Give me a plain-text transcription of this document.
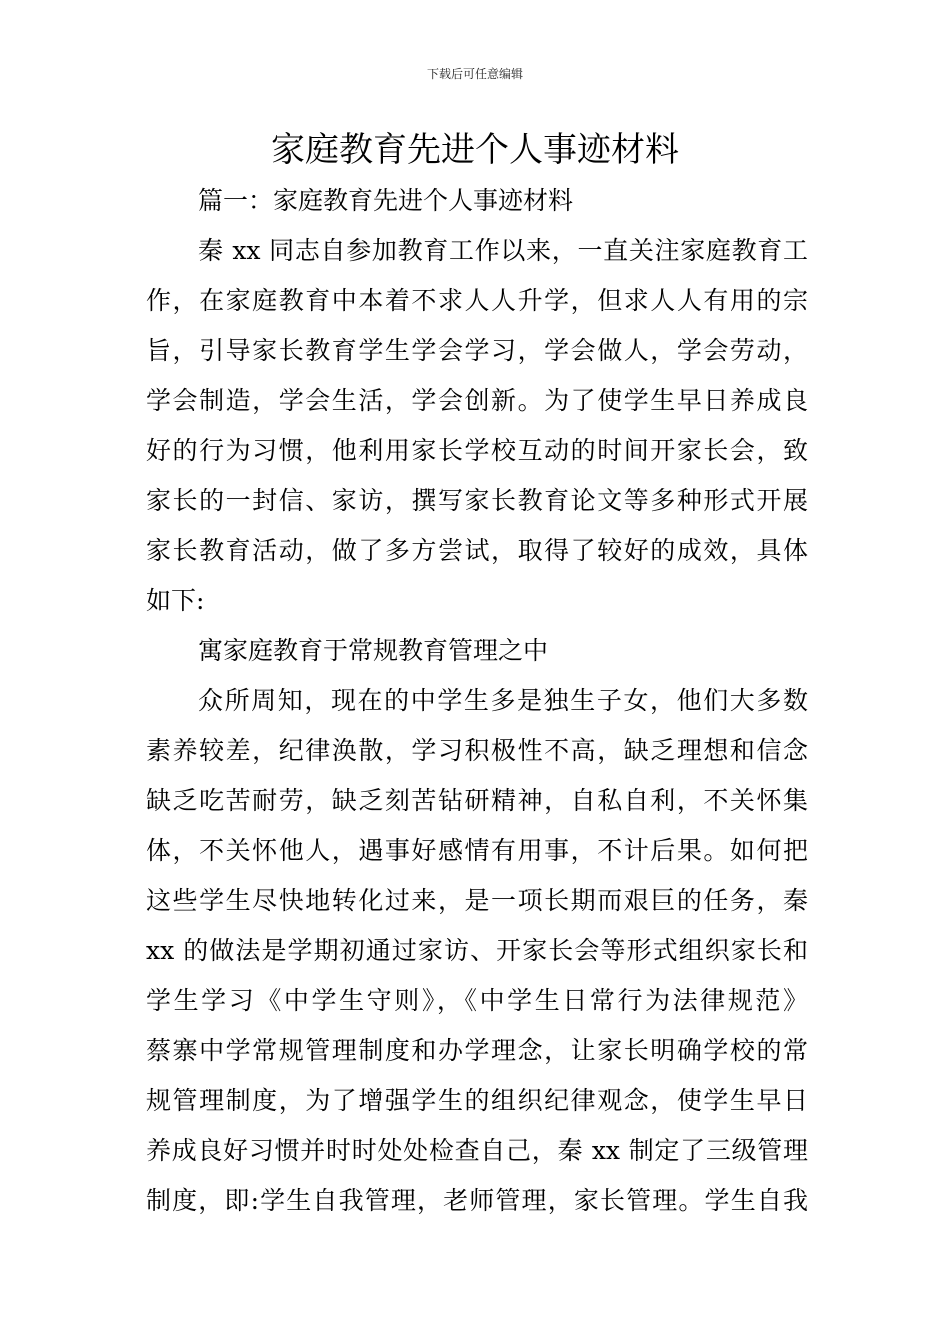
下载后可任意编辑
家庭教育先进个人事迹材料
篇一：家庭教育先进个人事迹材料
秦 xx 同志自参加教育工作以来，一直关注家庭教育工
作，在家庭教育中本着不求人人升学，但求人人有用的宗
旨，引导家长教育学生学会学习，学会做人，学会劳动，
学会制造，学会生活，学会创新。为了使学生早日养成良
好的行为习惯，他利用家长学校互动的时间开家长会，致
家长的一封信、家访，撰写家长教育论文等多种形式开展
家长教育活动，做了多方尝试，取得了较好的成效，具体
如下:
寓家庭教育于常规教育管理之中
众所周知，现在的中学生多是独生子女，他们大多数
素养较差，纪律涣散，学习积极性不高，缺乏理想和信念
缺乏吃苦耐劳，缺乏刻苦钻研精神，自私自利，不关怀集
体，不关怀他人，遇事好感情有用事，不计后果。如何把
这些学生尽快地转化过来，是一项长期而艰巨的任务，秦
xx 的做法是学期初通过家访、开家长会等形式组织家长和
学生学习《中学生守则》，《中学生日常行为法律规范》
蔡寨中学常规管理制度和办学理念，让家长明确学校的常
规管理制度，为了增强学生的组织纪律观念，使学生早日
养成良好习惯并时时处处检查自己，秦 xx 制定了三级管理
制度，即:学生自我管理，老师管理，家长管理。学生自我
